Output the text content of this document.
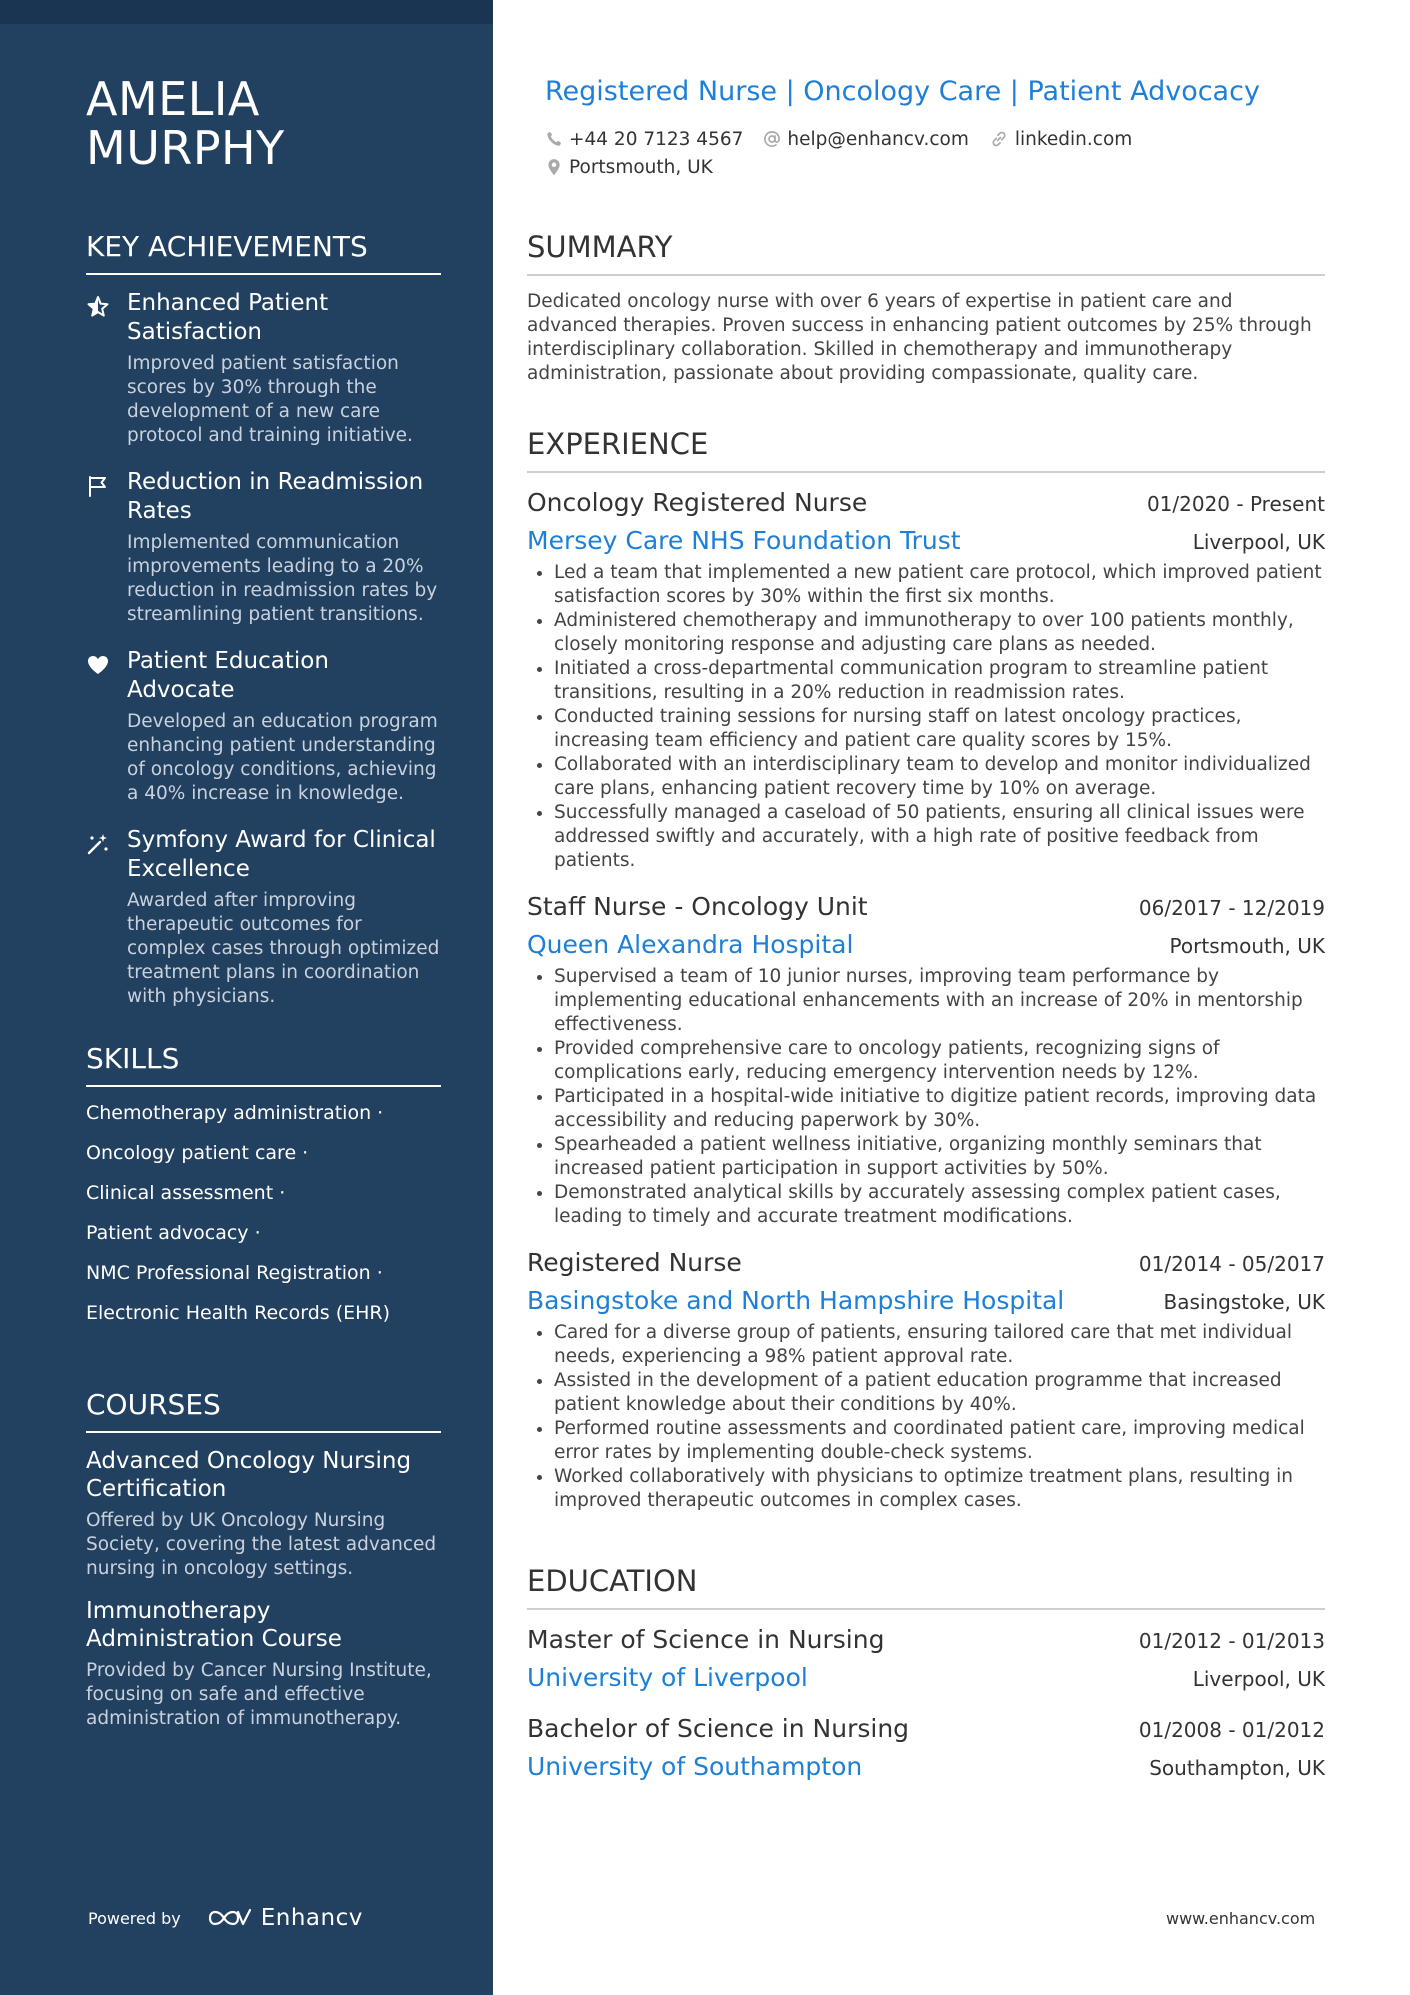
AMELIA
MURPHY
KEY ACHIEVEMENTS
Enhanced Patient Satisfaction
Improved patient satisfaction scores by 30% through the development of a new care protocol and training initiative.
Reduction in Readmission Rates
Implemented communication improvements leading to a 20% reduction in readmission rates by streamlining patient transitions.
Patient Education Advocate
Developed an education program enhancing patient understanding of oncology conditions, achieving a 40% increase in knowledge.
Symfony Award for Clinical Excellence
Awarded after improving therapeutic outcomes for complex cases through optimized treatment plans in coordination with physicians.
SKILLS
Chemotherapy administration ·
Oncology patient care ·
Clinical assessment ·
Patient advocacy ·
NMC Professional Registration ·
Electronic Health Records (EHR)
COURSES
Advanced Oncology Nursing Certification
Offered by UK Oncology Nursing Society, covering the latest advanced nursing in oncology settings.
Immunotherapy Administration Course
Provided by Cancer Nursing Institute, focusing on safe and effective administration of immunotherapy.
Powered by	Enhancv
Registered Nurse | Oncology Care | Patient Advocacy
+44 20 7123 4567 help@enhancv.com linkedin.com
Portsmouth, UK
SUMMARY
Dedicated oncology nurse with over 6 years of expertise in patient care and advanced therapies. Proven success in enhancing patient outcomes by 25% through interdisciplinary collaboration. Skilled in chemotherapy and immunotherapy administration, passionate about providing compassionate, quality care.
EXPERIENCE
Oncology Registered Nurse	01/2020 - Present
Mersey Care NHS Foundation Trust	Liverpool, UK
• Led a team that implemented a new patient care protocol, which improved patient satisfaction scores by 30% within the first six months.
• Administered chemotherapy and immunotherapy to over 100 patients monthly, closely monitoring response and adjusting care plans as needed.
• Initiated a cross-departmental communication program to streamline patient transitions, resulting in a 20% reduction in readmission rates.
• Conducted training sessions for nursing staff on latest oncology practices, increasing team efficiency and patient care quality scores by 15%.
• Collaborated with an interdisciplinary team to develop and monitor individualized care plans, enhancing patient recovery time by 10% on average.
• Successfully managed a caseload of 50 patients, ensuring all clinical issues were addressed swiftly and accurately, with a high rate of positive feedback from patients.
Staff Nurse - Oncology Unit	06/2017 - 12/2019
Queen Alexandra Hospital	Portsmouth, UK
• Supervised a team of 10 junior nurses, improving team performance by implementing educational enhancements with an increase of 20% in mentorship effectiveness.
• Provided comprehensive care to oncology patients, recognizing signs of complications early, reducing emergency intervention needs by 12%.
• Participated in a hospital-wide initiative to digitize patient records, improving data accessibility and reducing paperwork by 30%.
• Spearheaded a patient wellness initiative, organizing monthly seminars that increased patient participation in support activities by 50%.
• Demonstrated analytical skills by accurately assessing complex patient cases, leading to timely and accurate treatment modifications.
Registered Nurse	01/2014 - 05/2017
Basingstoke and North Hampshire Hospital	Basingstoke, UK
• Cared for a diverse group of patients, ensuring tailored care that met individual needs, experiencing a 98% patient approval rate.
• Assisted in the development of a patient education programme that increased patient knowledge about their conditions by 40%.
• Performed routine assessments and coordinated patient care, improving medical error rates by implementing double-check systems.
• Worked collaboratively with physicians to optimize treatment plans, resulting in improved therapeutic outcomes in complex cases.
EDUCATION
Master of Science in Nursing	01/2012 - 01/2013
University of Liverpool	Liverpool, UK
Bachelor of Science in Nursing	01/2008 - 01/2012
University of Southampton	Southampton, UK
www.enhancv.com
